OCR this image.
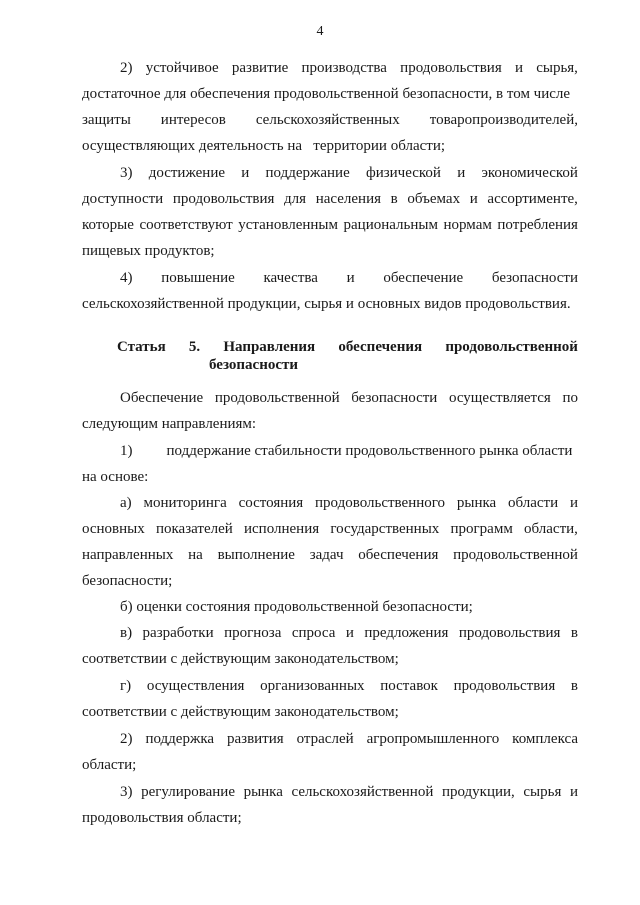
4
2) устойчивое развитие производства продовольствия и сырья,
достаточное для обеспечения продовольственной безопасности, в том числе
защиты интересов сельскохозяйственных товаропроизводителей,
осуществляющих деятельность на   территории области;
3) достижение и поддержание физической и экономической
доступности продовольствия для населения в объемах и ассортименте,
которые соответствуют установленным рациональным нормам потребления
пищевых продуктов;
4) повышение качества и обеспечение безопасности
сельскохозяйственной продукции, сырья и основных видов продовольствия.
Статья 5. Направления обеспечения продовольственной
безопасности
Обеспечение продовольственной безопасности осуществляется по
следующим направлениям:
1) поддержание стабильности продовольственного рынка области
на основе:
а) мониторинга состояния продовольственного рынка области и
основных показателей исполнения государственных программ области,
направленных на выполнение задач обеспечения продовольственной
безопасности;
б) оценки состояния продовольственной безопасности;
в) разработки прогноза спроса и предложения продовольствия в
соответствии с действующим законодательством;
г) осуществления организованных поставок продовольствия в
соответствии с действующим законодательством;
2) поддержка развития отраслей агропромышленного комплекса
области;
3) регулирование рынка сельскохозяйственной продукции, сырья и
продовольствия области;
